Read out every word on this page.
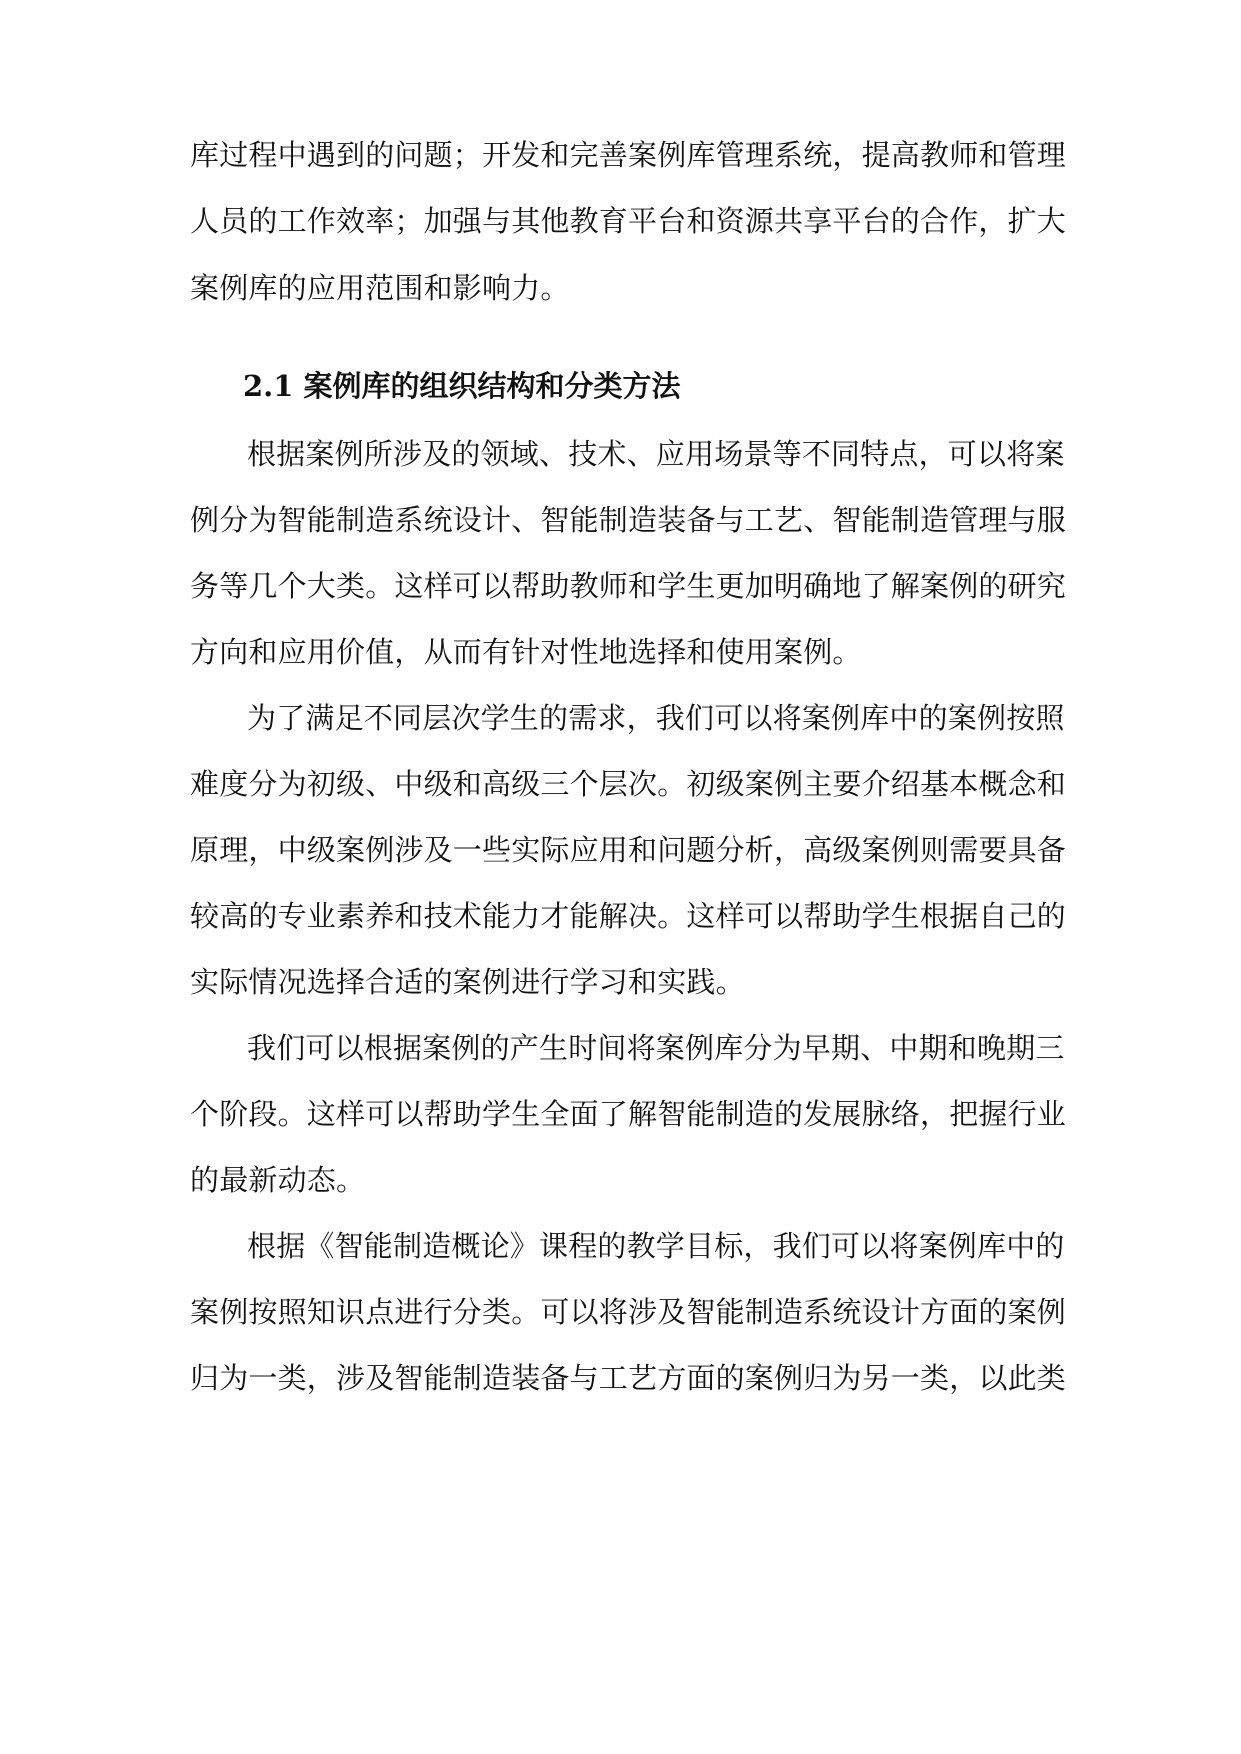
库过程中遇到的问题；开发和完善案例库管理系统，提高教师和管理
人员的工作效率；加强与其他教育平台和资源共享平台的合作，扩大
案例库的应用范围和影响力。
2.1 案例库的组织结构和分类方法
根据案例所涉及的领域、技术、应用场景等不同特点，可以将案
例分为智能制造系统设计、智能制造装备与工艺、智能制造管理与服
务等几个大类。这样可以帮助教师和学生更加明确地了解案例的研究
方向和应用价值，从而有针对性地选择和使用案例。
为了满足不同层次学生的需求，我们可以将案例库中的案例按照
难度分为初级、中级和高级三个层次。初级案例主要介绍基本概念和
原理，中级案例涉及一些实际应用和问题分析，高级案例则需要具备
较高的专业素养和技术能力才能解决。这样可以帮助学生根据自己的
实际情况选择合适的案例进行学习和实践。
我们可以根据案例的产生时间将案例库分为早期、中期和晚期三
个阶段。这样可以帮助学生全面了解智能制造的发展脉络，把握行业
的最新动态。
根据《智能制造概论》课程的教学目标，我们可以将案例库中的
案例按照知识点进行分类。可以将涉及智能制造系统设计方面的案例
归为一类，涉及智能制造装备与工艺方面的案例归为另一类，以此类
